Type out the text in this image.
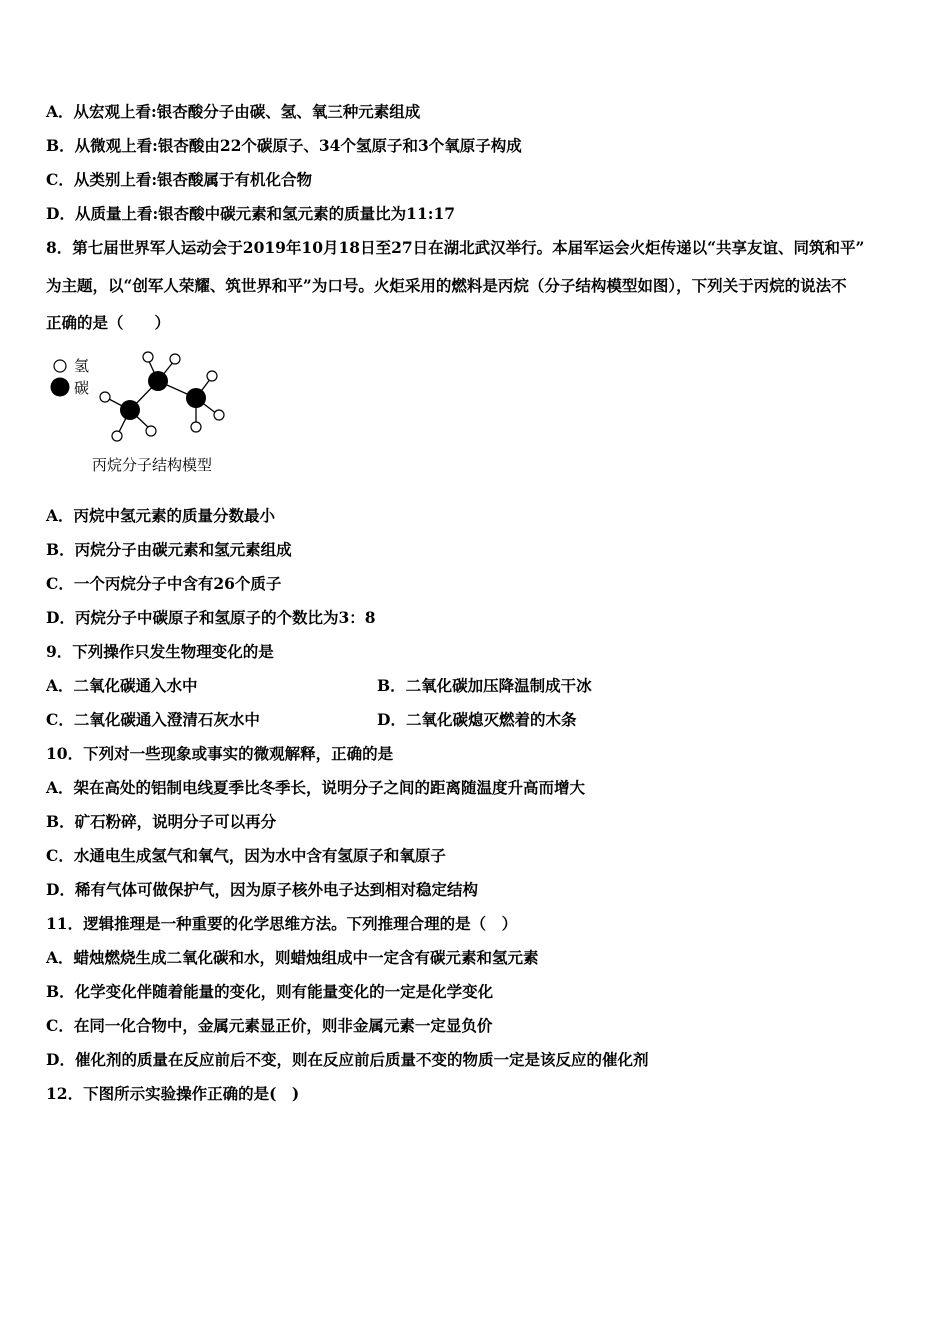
A．从宏观上看:银杏酸分子由碳、氢、氧三种元素组成
B．从微观上看:银杏酸由22个碳原子、34个氢原子和3个氧原子构成
C．从类别上看:银杏酸属于有机化合物
D．从质量上看:银杏酸中碳元素和氢元素的质量比为11:17
8．第七届世界军人运动会于2019年10月18日至27日在湖北武汉举行。本届军运会火炬传递以“共享友谊、同筑和平”
为主题，以“创军人荣耀、筑世界和平”为口号。火炬采用的燃料是丙烷（分子结构模型如图），下列关于丙烷的说法不
正确的是（　　）
氢
碳
丙烷分子结构模型
A．丙烷中氢元素的质量分数最小
B．丙烷分子由碳元素和氢元素组成
C．一个丙烷分子中含有26个质子
D．丙烷分子中碳原子和氢原子的个数比为3：8
9．下列操作只发生物理变化的是
A．二氧化碳通入水中	B．二氧化碳加压降温制成干冰
C．二氧化碳通入澄清石灰水中	D．二氧化碳熄灭燃着的木条
10．下列对一些现象或事实的微观解释，正确的是
A．架在高处的铝制电线夏季比冬季长，说明分子之间的距离随温度升高而增大
B．矿石粉碎，说明分子可以再分
C．水通电生成氢气和氧气，因为水中含有氢原子和氧原子
D．稀有气体可做保护气，因为原子核外电子达到相对稳定结构
11．逻辑推理是一种重要的化学思维方法。下列推理合理的是（　）
A．蜡烛燃烧生成二氧化碳和水，则蜡烛组成中一定含有碳元素和氢元素
B．化学变化伴随着能量的变化，则有能量变化的一定是化学变化
C．在同一化合物中，金属元素显正价，则非金属元素一定显负价
D．催化剂的质量在反应前后不变，则在反应前后质量不变的物质一定是该反应的催化剂
12．下图所示实验操作正确的是(　)
